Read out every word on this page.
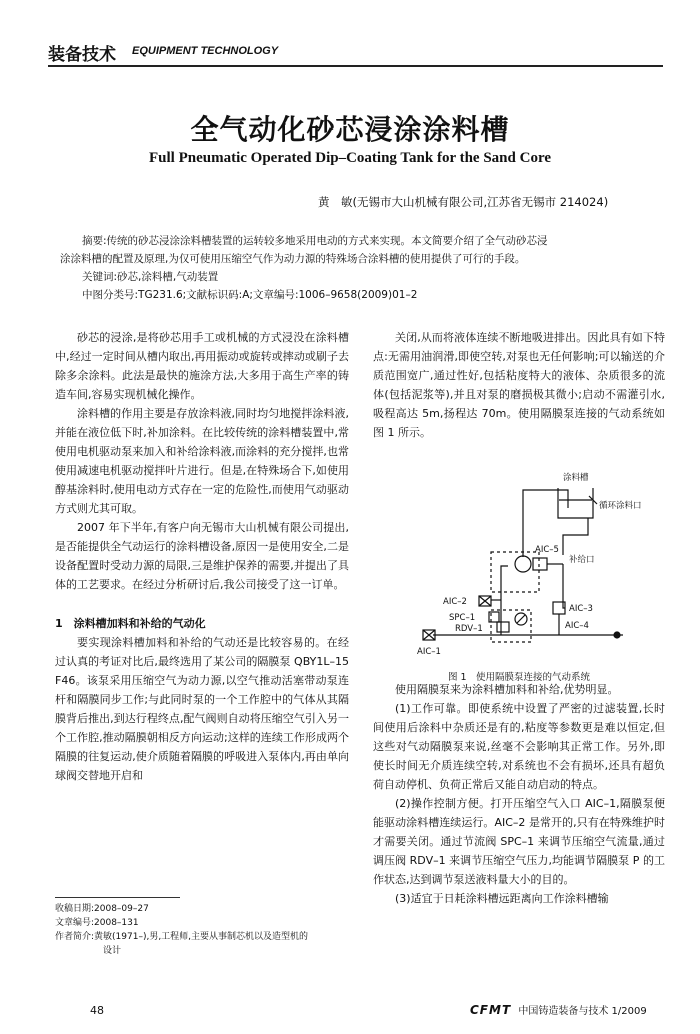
装备技术 EQUIPMENT TECHNOLOGY
全气动化砂芯浸涂涂料槽
Full Pneumatic Operated Dip–Coating Tank for the Sand Core
黄　敏(无锡市大山机械有限公司,江苏省无锡市 214024)

摘要:传统的砂芯浸涂涂料槽装置的运转较多地采用电动的方式来实现。本文简要介绍了全气动砂芯浸

涂涂料槽的配置及原理,为仅可使用压缩空气作为动力源的特殊场合涂料槽的使用提供了可行的手段。

关键词:砂芯,涂料槽,气动装置

中图分类号:TG231.6;文献标识码:A;文章编号:1006–9658(2009)01–2

砂芯的浸涂,是将砂芯用手工或机械的方式浸没在涂料槽中,经过一定时间从槽内取出,再用振动或旋转或摔动或刷子去除多余涂料。此法是最快的施涂方法,大多用于高生产率的铸造车间,容易实现机械化操作。

涂料槽的作用主要是存放涂料液,同时均匀地搅拌涂料液,并能在液位低下时,补加涂料。在比较传统的涂料槽装置中,常使用电机驱动泵来加入和补给涂料液,而涂料的充分搅拌,也常使用减速电机驱动搅拌叶片进行。但是,在特殊场合下,如使用醇基涂料时,使用电动方式存在一定的危险性,而使用气动驱动方式则尤其可取。

2007 年下半年,有客户向无锡市大山机械有限公司提出,是否能提供全气动运行的涂料槽设备,原因一是使用安全,二是设备配置时受动力源的局限,三是维护保养的需要,并提出了具体的工艺要求。在经过分析研讨后,我公司接受了这一订单。

1　涂料槽加料和补给的气动化

要实现涂料槽加料和补给的气动还是比较容易的。在经过认真的考证对比后,最终选用了某公司的隔膜泵 QBY1L–15 F46。该泵采用压缩空气为动力源,以空气推动活塞带动泵连杆和隔膜同步工作;与此同时泵的一个工作腔中的气体从其隔膜背后推出,到达行程终点,配气阀则自动将压缩空气引入另一个工作腔,推动隔膜朝相反方向运动;这样的连续工作形成两个隔膜的往复运动,使介质随着隔膜的呼吸进入泵体内,再由单向球阀交替地开启和

关闭,从而将液体连续不断地吸进排出。因此具有如下特点:无需用油润滑,即使空转,对泵也无任何影响;可以输送的介质范围宽广,通过性好,包括粘度特大的液体、杂质很多的流体(包括泥浆等),并且对泵的磨损极其微小;启动不需灌引水,吸程高达 5m,扬程达 70m。使用隔膜泵连接的气动系统如图 1 所示。

使用隔膜泵来为涂料槽加料和补给,优势明显。

(1)工作可靠。即使系统中设置了严密的过滤装置,长时间使用后涂料中杂质还是有的,粘度等参数更是难以恒定,但这些对气动隔膜泵来说,丝毫不会影响其正常工作。另外,即使长时间无介质连续空转,对系统也不会有损坏,还具有超负荷自动停机、负荷正常后又能自动启动的特点。

(2)操作控制方便。打开压缩空气入口 AIC–1,隔膜泵便能驱动涂料槽连续运行。AIC–2 是常开的,只有在特殊维护时才需要关闭。通过节流阀 SPC–1 来调节压缩空气流量,通过调压阀 RDV–1 来调节压缩空气压力,均能调节隔膜泵 P 的工作状态,达到调节泵送液料量大小的目的。

(3)适宜于日耗涂料槽远距离向工作涂料槽输

涂料槽
循环涂料口
AIC–5
补给口
AIC–2
AIC–3
SPC–1
RDV–1	AIC–4
AIC–1
图 1　使用隔膜泵连接的气动系统

收稿日期:2008–09–27

文章编号:2008–131

作者简介:黄敏(1971–),男,工程师,主要从事制芯机以及造型机的

设计

48	CFMT 中国铸造装备与技术 1/2009
